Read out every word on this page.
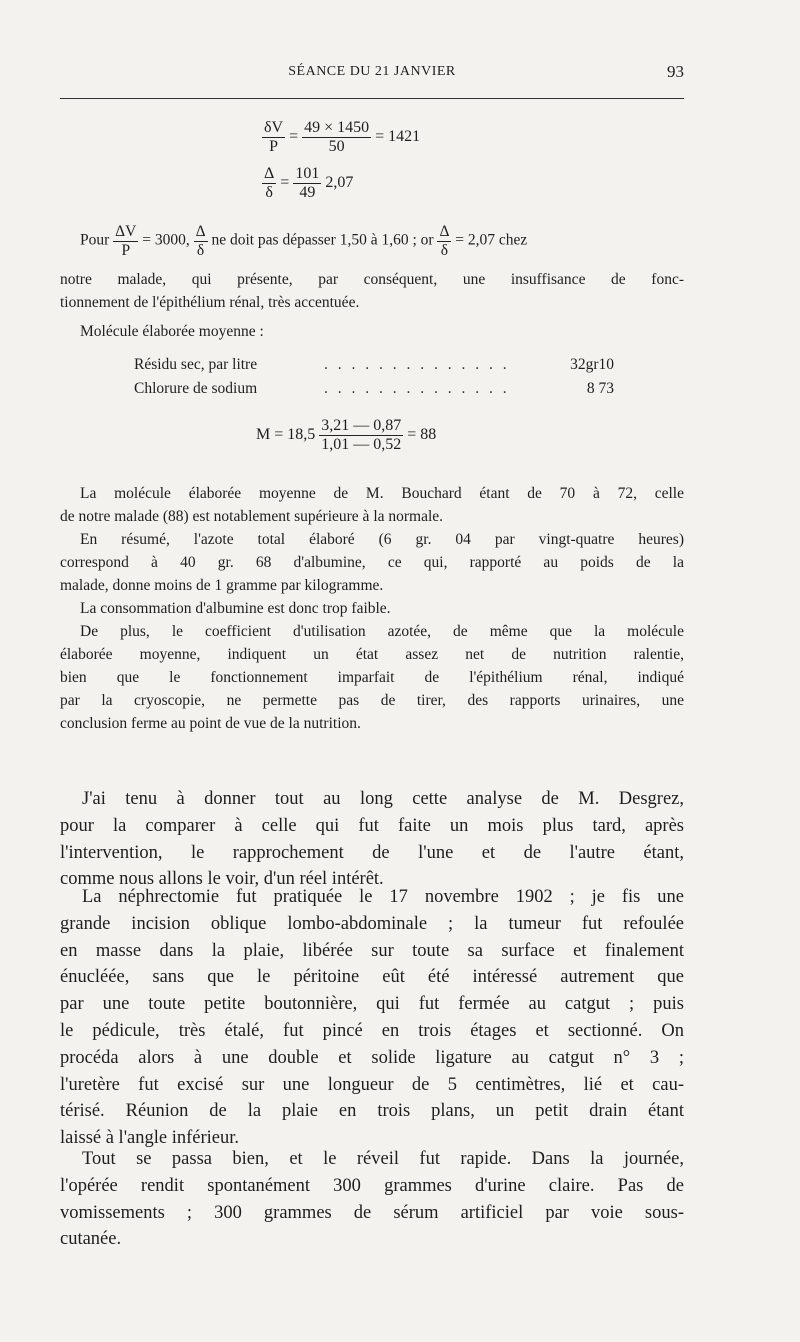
SÉANCE DU 21 JANVIER	93
$\frac{\delta V}{P} = \frac{49 \times 1450}{50} = 1421$
$\frac{\Delta}{\delta} = \frac{101}{49} 2,07$
Pour $\frac{\Delta V}{P} = 3000$, $\frac{\Delta}{\delta}$ ne doit pas dépasser 1,50 à 1,60 ; or $\frac{\Delta}{\delta} = 2,07$ chez
notre malade, qui présente, par conséquent, une insuffisance de fonc-
tionnement de l'épithélium rénal, très accentuée.
Molécule élaborée moyenne :
Résidu sec, par litre	. . . . . . . . . . . . . .	32gr10
Chlorure de sodium	. . . . . . . . . . . . . .	8 73
$M = 18,5 \frac{3,21 — 0,87}{1,01 — 0,52} = 88$
La molécule élaborée moyenne de M. Bouchard étant de 70 à 72, celle
de notre malade (88) est notablement supérieure à la normale.
En résumé, l'azote total élaboré (6 gr. 04 par vingt-quatre heures)
correspond à 40 gr. 68 d'albumine, ce qui, rapporté au poids de la
malade, donne moins de 1 gramme par kilogramme.
La consommation d'albumine est donc trop faible.
De plus, le coefficient d'utilisation azotée, de même que la molécule
élaborée moyenne, indiquent un état assez net de nutrition ralentie,
bien que le fonctionnement imparfait de l'épithélium rénal, indiqué
par la cryoscopie, ne permette pas de tirer, des rapports urinaires, une
conclusion ferme au point de vue de la nutrition.
J'ai tenu à donner tout au long cette analyse de M. Desgrez,
pour la comparer à celle qui fut faite un mois plus tard, après
l'intervention, le rapprochement de l'une et de l'autre étant,
comme nous allons le voir, d'un réel intérêt.
La néphrectomie fut pratiquée le 17 novembre 1902 ; je fis une
grande incision oblique lombo-abdominale ; la tumeur fut refoulée
en masse dans la plaie, libérée sur toute sa surface et finalement
énucléée, sans que le péritoine eût été intéressé autrement que
par une toute petite boutonnière, qui fut fermée au catgut ; puis
le pédicule, très étalé, fut pincé en trois étages et sectionné. On
procéda alors à une double et solide ligature au catgut n° 3 ;
l'uretère fut excisé sur une longueur de 5 centimètres, lié et cau-
térisé. Réunion de la plaie en trois plans, un petit drain étant
laissé à l'angle inférieur.
Tout se passa bien, et le réveil fut rapide. Dans la journée,
l'opérée rendit spontanément 300 grammes d'urine claire. Pas de
vomissements ; 300 grammes de sérum artificiel par voie sous-
cutanée.
